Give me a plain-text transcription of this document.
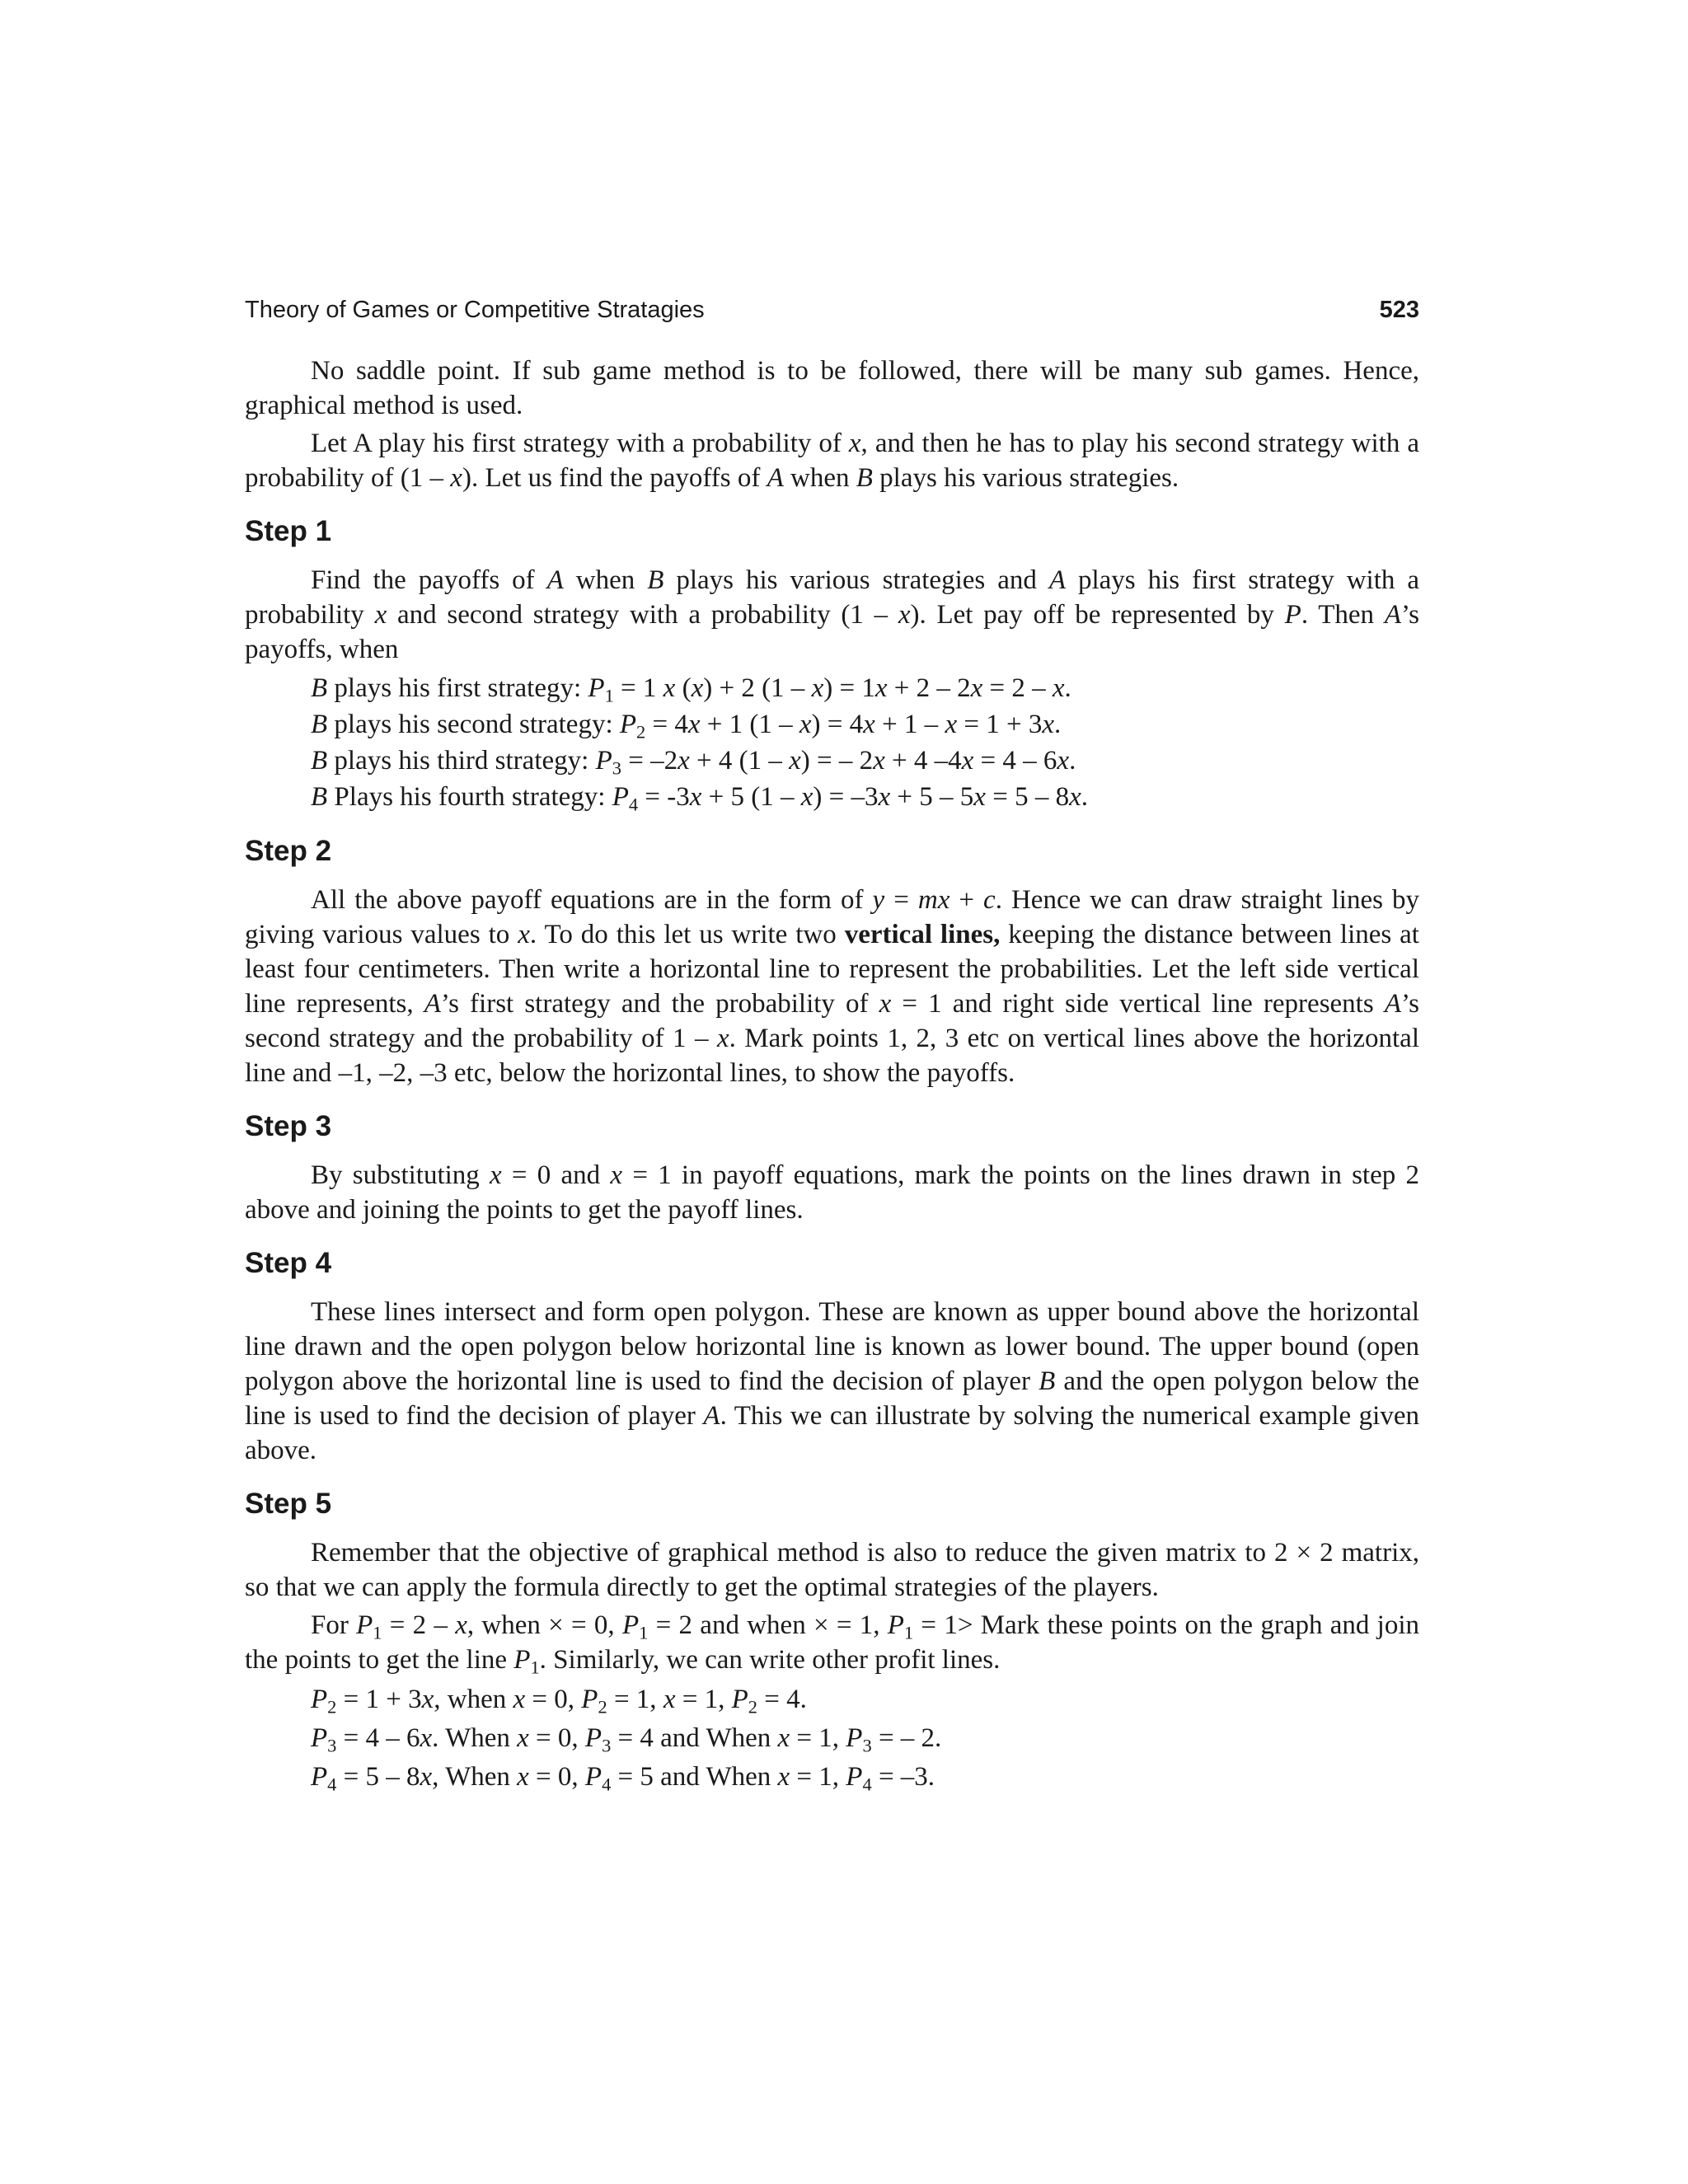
Theory of Games or Competitive Stratagies	523

No saddle point. If sub game method is to be followed, there will be many sub games. Hence, graphical method is used.

Let A play his first strategy with a probability of x, and then he has to play his second strategy with a probability of (1 – x). Let us find the payoffs of A when B plays his various strategies.

Step 1

Find the payoffs of A when B plays his various strategies and A plays his first strategy with a probability x and second strategy with a probability (1 – x). Let pay off be represented by P. Then A’s payoffs, when

B plays his first strategy: $P_1 = 1$ x (x) + 2 (1 – x) = 1x + 2 – 2x = 2 – x.
B plays his second strategy: $P_2 = 4x + 1$ (1 – x) = 4x + 1 – x = 1 + 3x.
B plays his third strategy: $P_3 = -2x + 4$ (1 – x) = – 2x + 4 –4x = 4 – 6x.
B Plays his fourth strategy: $P_4 = -3x + 5$ (1 – x) = –3x + 5 – 5x = 5 – 8x.
Step 2

All the above payoff equations are in the form of y = mx + c. Hence we can draw straight lines by giving various values to x. To do this let us write two vertical lines, keeping the distance between lines at least four centimeters. Then write a horizontal line to represent the probabilities. Let the left side vertical line represents, A’s first strategy and the probability of x = 1 and right side vertical line represents A’s second strategy and the probability of 1 – x. Mark points 1, 2, 3 etc on vertical lines above the horizontal line and –1, –2, –3 etc, below the horizontal lines, to show the payoffs.

Step 3

By substituting x = 0 and x = 1 in payoff equations, mark the points on the lines drawn in step 2 above and joining the points to get the payoff lines.

Step 4

These lines intersect and form open polygon. These are known as upper bound above the horizontal line drawn and the open polygon below horizontal line is known as lower bound. The upper bound (open polygon above the horizontal line is used to find the decision of player B and the open polygon below the line is used to find the decision of player A. This we can illustrate by solving the numerical example given above.

Step 5

Remember that the objective of graphical method is also to reduce the given matrix to 2 × 2 matrix, so that we can apply the formula directly to get the optimal strategies of the players.

For $P_1 = 2 - x$, when × = 0, $P_1 = 2$ and when × = 1, $P_1 = 1>$ Mark these points on the graph and join the points to get the line $P_1$. Similarly, we can write other profit lines.

$P_2 = 1 + 3x$, when x = 0, $P_2 = 1$, x = 1, $P_2 = 4$.
$P_3 = 4 - 6x$. When x = 0, $P_3 = 4$ and When x = 1, $P_3$ = – 2.
$P_4 = 5 - 8x$, When x = 0, $P_4 = 5$ and When x = 1, $P_4 = -3$.
